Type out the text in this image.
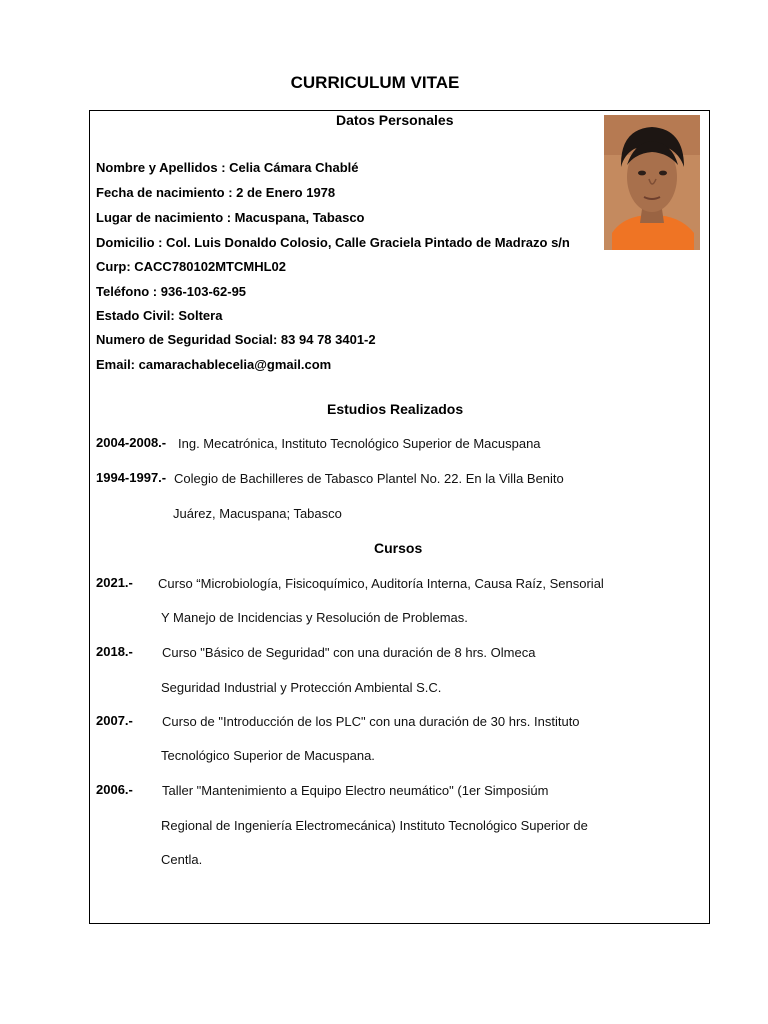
CURRICULUM VITAE
Datos Personales
Nombre y Apellidos : Celia Cámara Chablé
Fecha de nacimiento : 2 de Enero 1978
Lugar de nacimiento : Macuspana, Tabasco
Domicilio : Col. Luis Donaldo Colosio, Calle Graciela Pintado de Madrazo s/n
Curp: CACC780102MTCMHL02
Teléfono : 936-103-62-95
Estado Civil: Soltera
Numero de Seguridad Social: 83 94 78 3401-2
Email: camarachablecelia@gmail.com
Estudios Realizados
2004-2008.- Ing. Mecatrónica, Instituto Tecnológico Superior de Macuspana
1994-1997.- Colegio de Bachilleres de Tabasco Plantel No. 22. En la Villa Benito
Juárez, Macuspana; Tabasco
Cursos
2021.- Curso “Microbiología, Fisicoquímico, Auditoría Interna, Causa Raíz, Sensorial
Y Manejo de Incidencias y Resolución de Problemas.
2018.- Curso "Básico de Seguridad" con una duración de 8 hrs. Olmeca
Seguridad Industrial y Protección Ambiental S.C.
2007.- Curso de "Introducción de los PLC" con una duración de 30 hrs. Instituto
Tecnológico Superior de Macuspana.
2006.- Taller "Mantenimiento a Equipo Electro neumático" (1er Simposiúm
Regional de Ingeniería Electromecánica) Instituto Tecnológico Superior de
Centla.
